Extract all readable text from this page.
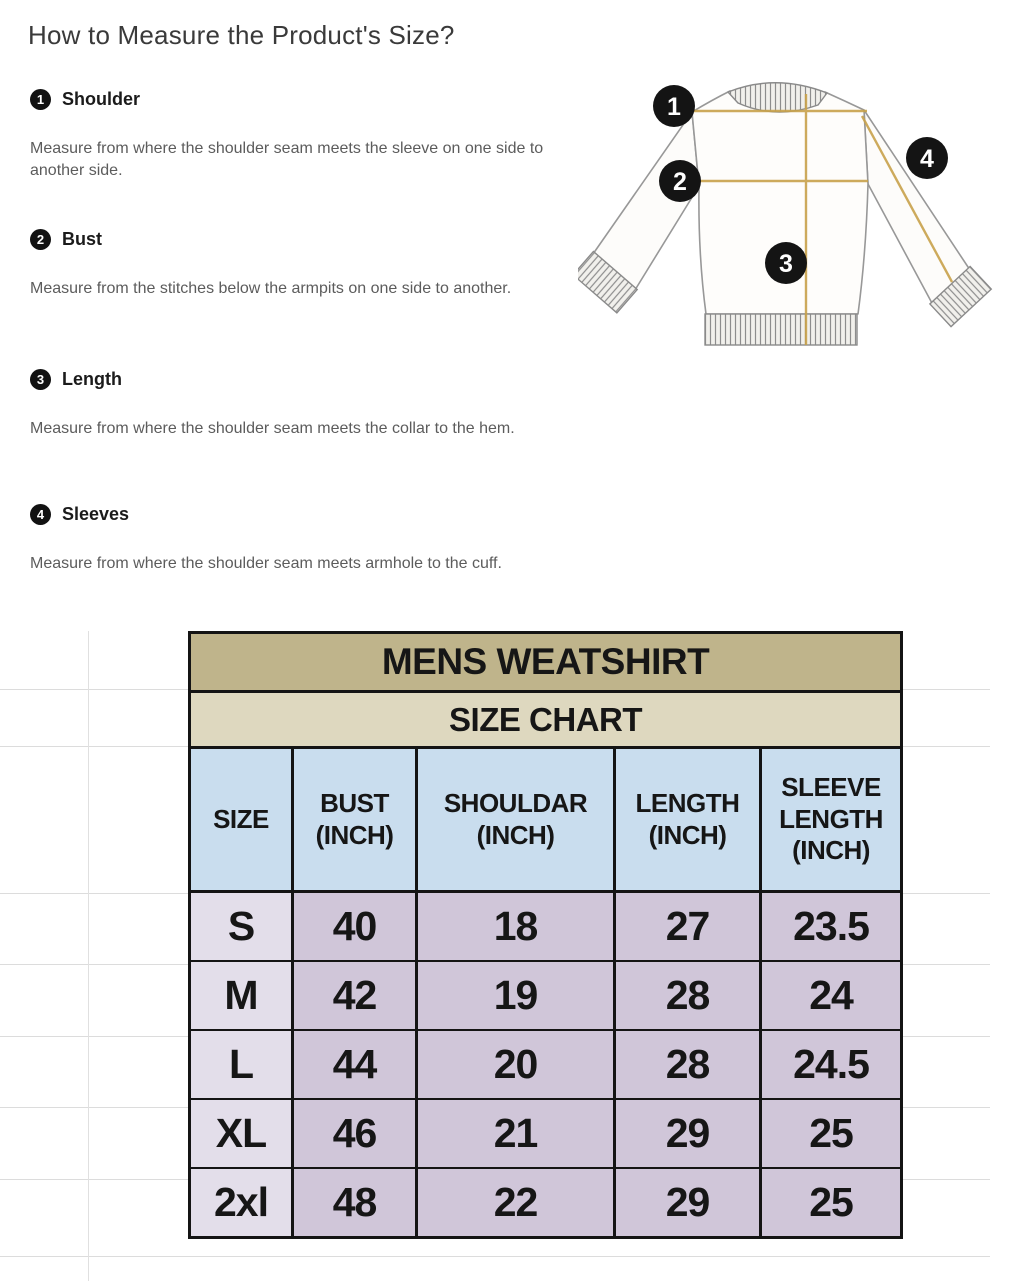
How to Measure the Product's Size?
1 Shoulder

Measure from where the shoulder seam meets the sleeve on one side to another side.

2 Bust

Measure from the stitches below the armpits on one side to another.

3 Length

Measure from where the shoulder seam meets the collar to the hem.

4 Sleeves

Measure from where the shoulder seam meets armhole to the cuff.

1
2
3
4
MENS WEATSHIRT				
SIZE CHART				
SIZE	BUST (INCH)	SHOULDAR (INCH)	LENGTH (INCH)	SLEEVE LENGTH (INCH)
S	40	18	27	23.5
M	42	19	28	24
L	44	20	28	24.5
XL	46	21	29	25
2xl	48	22	29	25
